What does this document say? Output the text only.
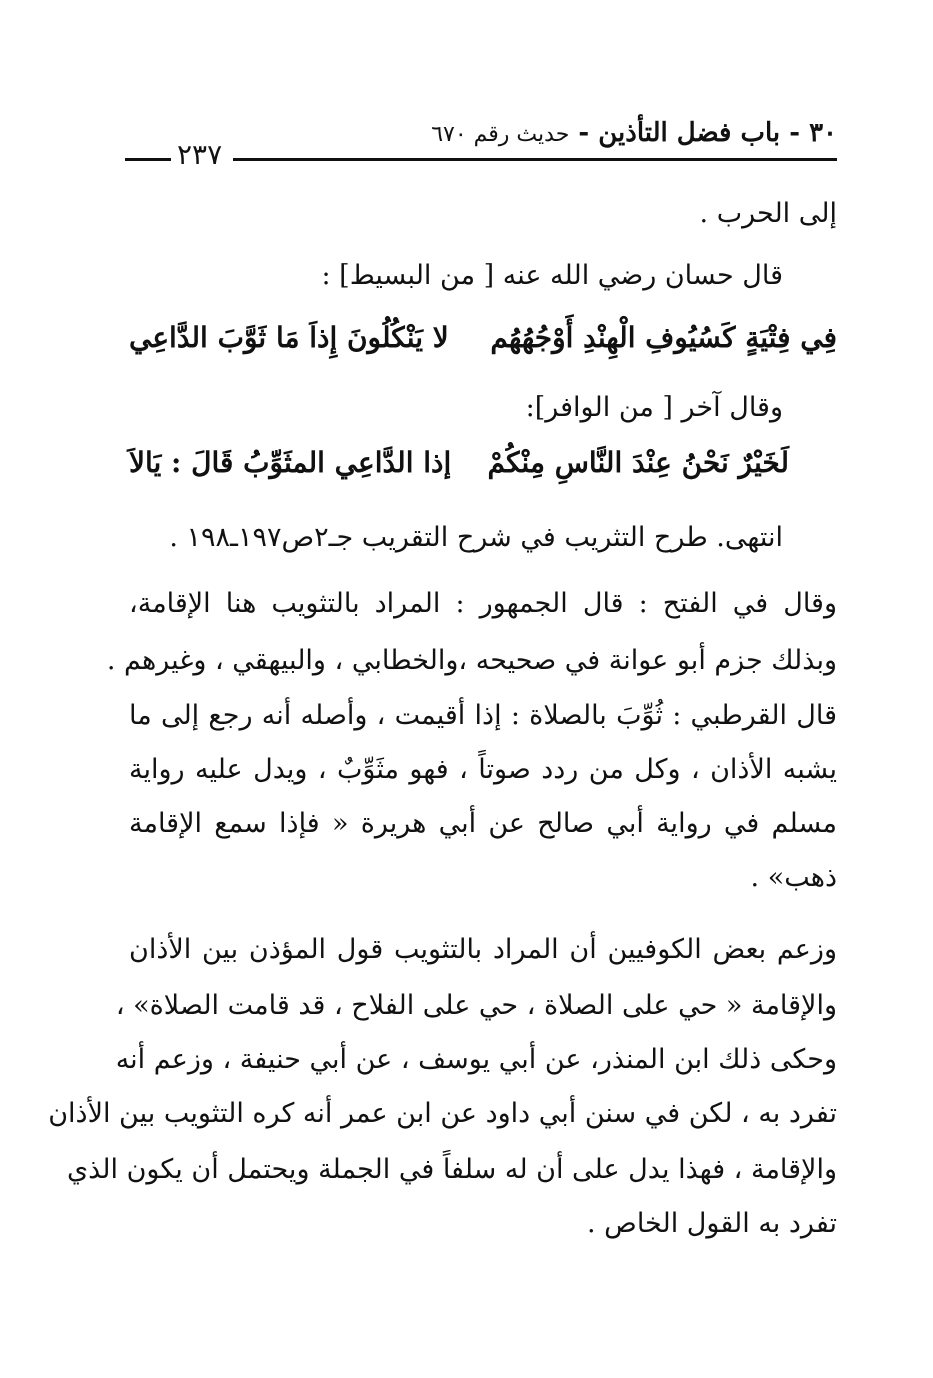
٣٠ - باب فضل التأذين - حديث رقم ٦٧٠
٢٣٧
إلى الحرب .
قال حسان رضي الله عنه [ من البسيط] :
فِي فِتْيَةٍ كَسُيُوفِ الْهِنْدِ أَوْجُهُهُم
لا يَنْكُلُونَ إِذاَ مَا ثَوَّبَ الدَّاعِي
وقال آخر [ من الوافر]:
لَخَيْرٌ نَحْنُ عِنْدَ النَّاسِ مِنْكُمْ
إذا الدَّاعِي المثَوِّبُ قَالَ : يَالاَ
انتهى. طرح التثريب في شرح التقريب جـ٢ص١٩٧ـ١٩٨ .
وقال في الفتح : قال الجمهور : المراد بالتثويب هنا الإقامة،
وبذلك جزم أبو عوانة في صحيحه ،والخطابي ، والبيهقي ، وغيرهم .
قال القرطبي : ثُوِّبَ بالصلاة : إذا أقيمت ، وأصله أنه رجع إلى ما
يشبه الأذان ، وكل من ردد صوتاً ، فهو مثَوِّبٌ ، ويدل عليه رواية
مسلم في رواية أبي صالح عن أبي هريرة « فإذا سمع الإقامة
ذهب» .
وزعم بعض الكوفيين أن المراد بالتثويب قول المؤذن بين الأذان
والإقامة « حي على الصلاة ، حي على الفلاح ، قد قامت الصلاة» ،
وحكى ذلك ابن المنذر، عن أبي يوسف ، عن أبي حنيفة ، وزعم أنه
تفرد به ، لكن في سنن أبي داود عن ابن عمر أنه كره التثويب بين الأذان
والإقامة ، فهذا يدل على أن له سلفاً في الجملة ويحتمل أن يكون الذي
تفرد به القول الخاص .
